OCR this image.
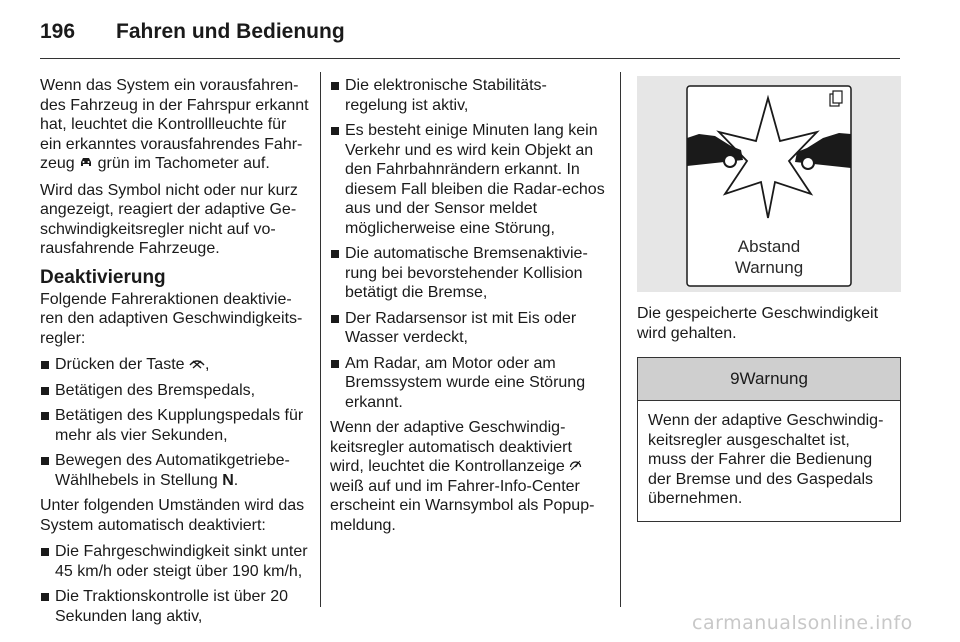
196 Fahren und Bedienung

Wenn das System ein vorausfahren-des Fahrzeug in der Fahrspur erkannt hat, leuchtet die Kontrollleuchte für ein erkanntes vorausfahrendes Fahr-zeug  grün im Tachometer auf.

Wird das Symbol nicht oder nur kurz angezeigt, reagiert der adaptive Ge-schwindigkeitsregler nicht auf vo-rausfahrende Fahrzeuge.

Deaktivierung

Folgende Fahreraktionen deaktivie-ren den adaptiven Geschwindigkeits-regler:

Drücken der Taste ,
Betätigen des Bremspedals,
Betätigen des Kupplungspedals für mehr als vier Sekunden,
Bewegen des Automatikgetriebe-Wählhebels in Stellung N.

Unter folgenden Umständen wird das System automatisch deaktiviert:

Die Fahrgeschwindigkeit sinkt unter 45 km/h oder steigt über 190 km/h,
Die Traktionskontrolle ist über 20 Sekunden lang aktiv,
Die elektronische Stabilitäts-regelung ist aktiv,
Es besteht einige Minuten lang kein Verkehr und es wird kein Objekt an den Fahrbahnrändern erkannt. In diesem Fall bleiben die Radar-echos aus und der Sensor meldet möglicherweise eine Störung,
Die automatische Bremsenaktivie-rung bei bevorstehender Kollision betätigt die Bremse,
Der Radarsensor ist mit Eis oder Wasser verdeckt,
Am Radar, am Motor oder am Bremssystem wurde eine Störung erkannt.

Wenn der adaptive Geschwindig-keitsregler automatisch deaktiviert wird, leuchtet die Kontrollanzeige  weiß auf und im Fahrer-Info-Center erscheint ein Warnsymbol als Popup-meldung.

Abstand
Warnung

Die gespeicherte Geschwindigkeit wird gehalten.

9Warnung
Wenn der adaptive Geschwindig-keitsregler ausgeschaltet ist, muss der Fahrer die Bedienung der Bremse und des Gaspedals übernehmen.
carmanualsonline.info
